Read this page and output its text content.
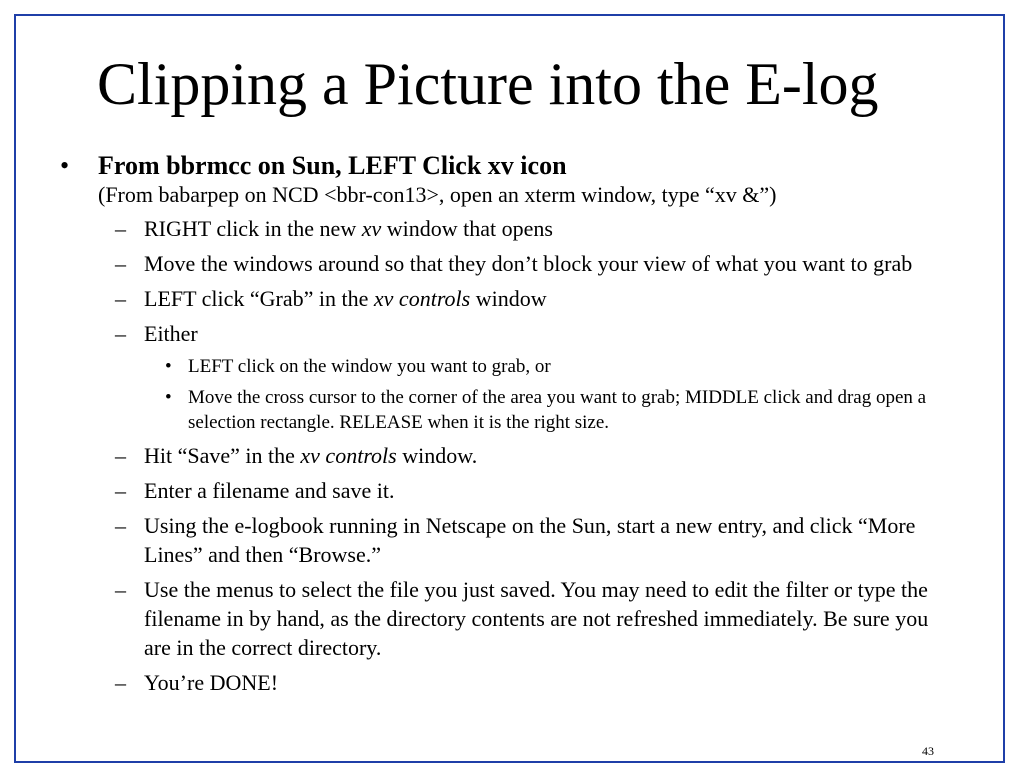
Clipping a Picture into the E-log
• From bbrmcc on Sun, LEFT Click xv icon
(From babarpep on NCD <bbr-con13>, open an xterm window, type “xv &”)
– RIGHT click in the new xv window that opens
– Move the windows around so that they don’t block your view of what you want to grab
– LEFT click “Grab” in the xv controls window
– Either
• LEFT click on the window you want to grab, or
• Move the cross cursor to the corner of the area you want to grab; MIDDLE click and drag open a selection rectangle. RELEASE when it is the right size.
– Hit “Save” in the xv controls window.
– Enter a filename and save it.
– Using the e-logbook running in Netscape on the Sun, start a new entry, and click “More Lines” and then “Browse.”
– Use the menus to select the file you just saved. You may need to edit the filter or type the filename in by hand, as the directory contents are not refreshed immediately. Be sure you are in the correct directory.
– You’re DONE!
43
